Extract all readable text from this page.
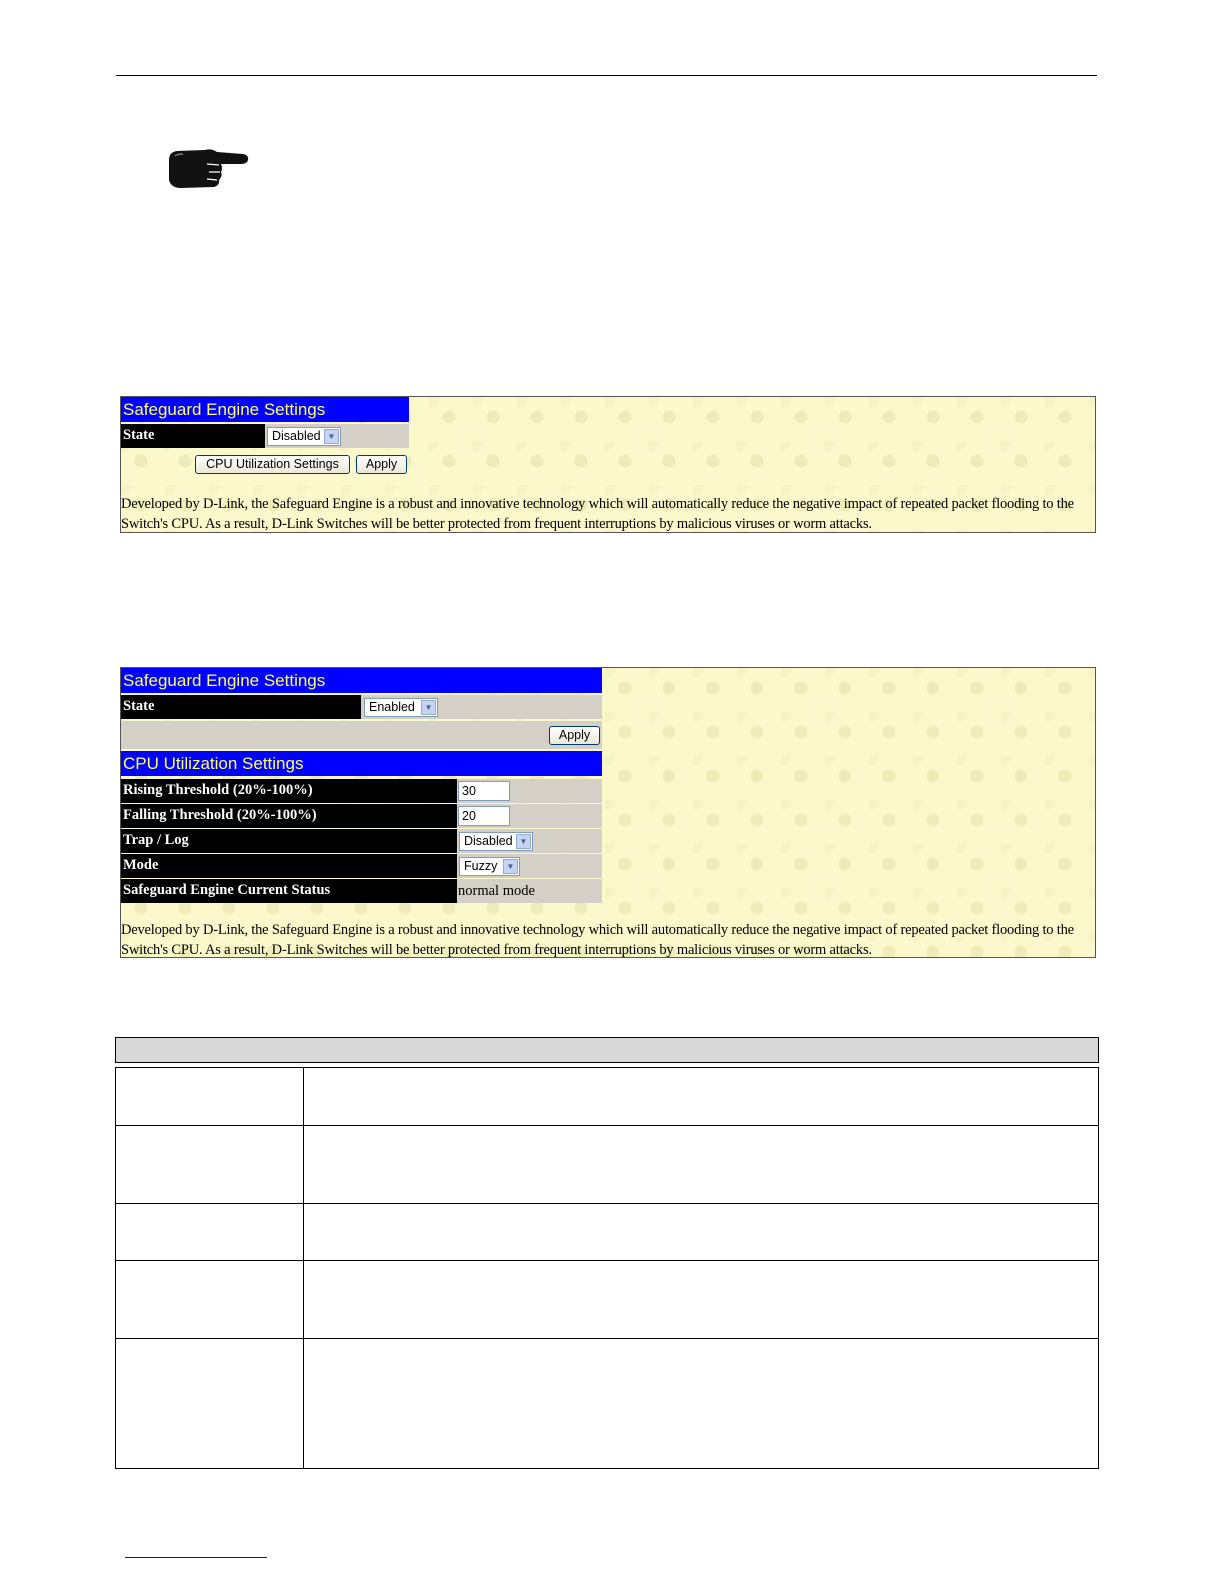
Safeguard Engine Settings
State	Disabled ▼
CPU Utilization Settings	Apply
Developed by D-Link, the Safeguard Engine is a robust and innovative technology which will automatically reduce the negative impact of repeated packet flooding to the
Switch's CPU. As a result, D-Link Switches will be better protected from frequent interruptions by malicious viruses or worm attacks.
Safeguard Engine Settings
State	Enabled	▼
Apply
CPU Utilization Settings
Rising Threshold (20%-100%)	30
Falling Threshold (20%-100%)	20
Trap / Log	Disabled ▼
Mode	Fuzzy	▼
Safeguard Engine Current Status	normal mode
Developed by D-Link, the Safeguard Engine is a robust and innovative technology which will automatically reduce the negative impact of repeated packet flooding to the
Switch's CPU. As a result, D-Link Switches will be better protected from frequent interruptions by malicious viruses or worm attacks.
